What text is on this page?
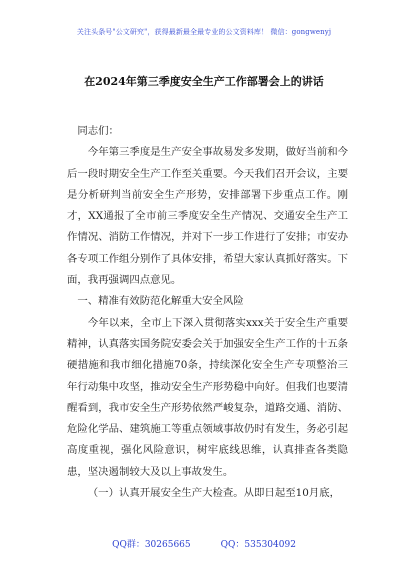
关注头条号"公文研究"，获得最新最全最专业的公文资料库！ 微信：gongwenyj
在2024年第三季度安全生产工作部署会上的讲话

同志们：

今年第三季度是生产安全事故易发多发期，做好当前和今后一段时期安全生产工作至关重要。今天我们召开会议，主要是分析研判当前安全生产形势，安排部署下步重点工作。刚才，XX通报了全市前三季度安全生产情况、交通安全生产工作情况、消防工作情况，并对下一步工作进行了安排；市安办各专项工作组分别作了具体安排，希望大家认真抓好落实。下面，我再强调四点意见。

一、精准有效防范化解重大安全风险

今年以来，全市上下深入贯彻落实xxx关于安全生产重要精神，认真落实国务院安委会关于加强安全生产工作的十五条硬措施和我市细化措施70条，持续深化安全生产专项整治三年行动集中攻坚，推动安全生产形势稳中向好。但我们也要清醒看到，我市安全生产形势依然严峻复杂，道路交通、消防、危险化学品、建筑施工等重点领域事故仍时有发生，务必引起高度重视，强化风险意识，树牢底线思维，认真排查各类隐患，坚决遏制较大及以上事故发生。

（一）认真开展安全生产大检查。从即日起至10月底，

QQ群：30265665	QQ：535304092
